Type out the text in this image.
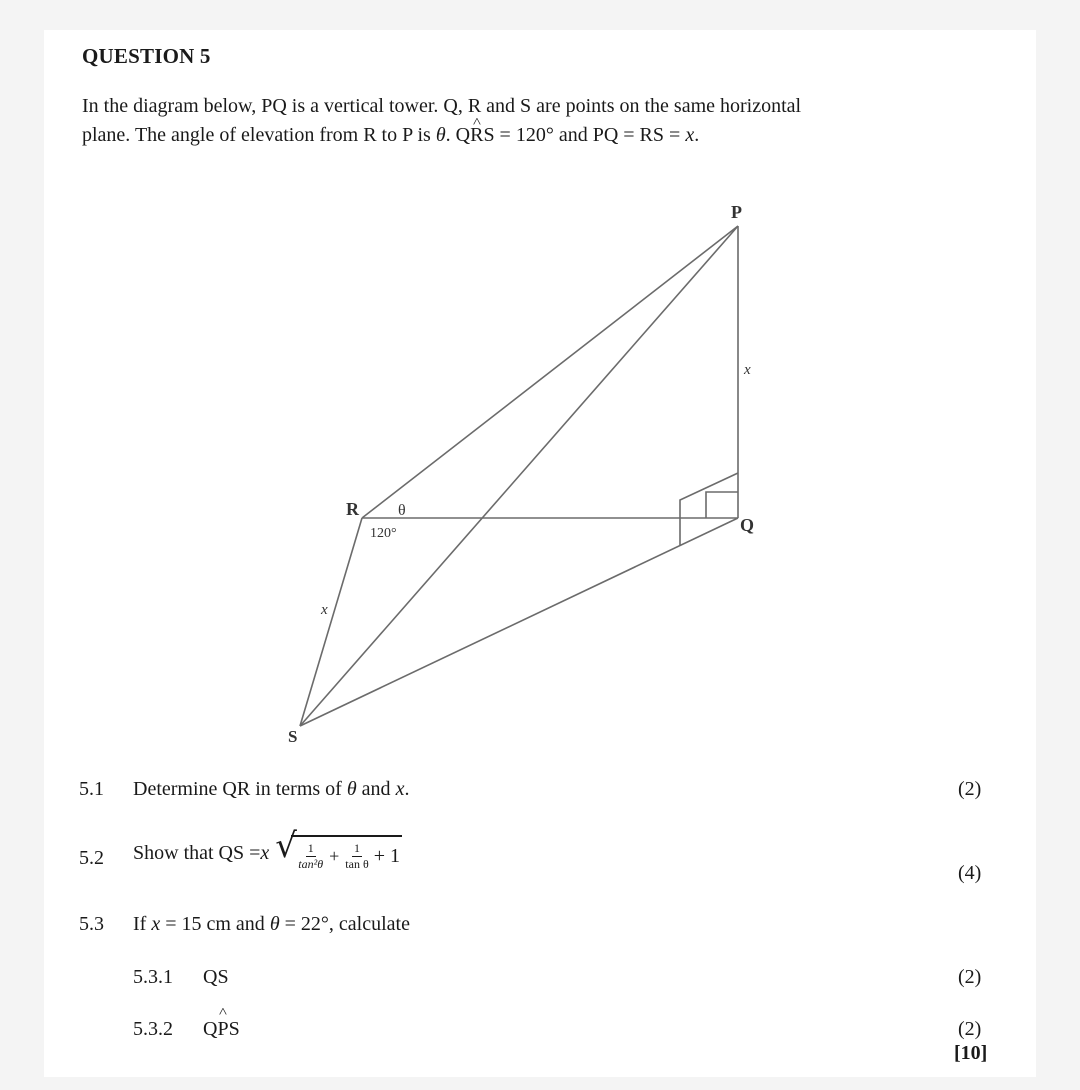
QUESTION 5
In the diagram below, PQ is a vertical tower. Q, R and S are points on the same horizontal
plane. The angle of elevation from R to P is θ. Q^ RS = 120° and PQ = RS = x.
P
Q
R
S
θ
120°
x
x
5.1 Determine QR in terms of θ and x.	(2)
5.2 Show that QS = x √ $\frac{1}{\text{tan²θ}} + \frac{1}{\text{tan θ}} + 1$
(4)
5.3 If x = 15 cm and θ = 22°, calculate
5.3.1 QS	(2)
5.3.2 Q^ PS	(2)
[10]
